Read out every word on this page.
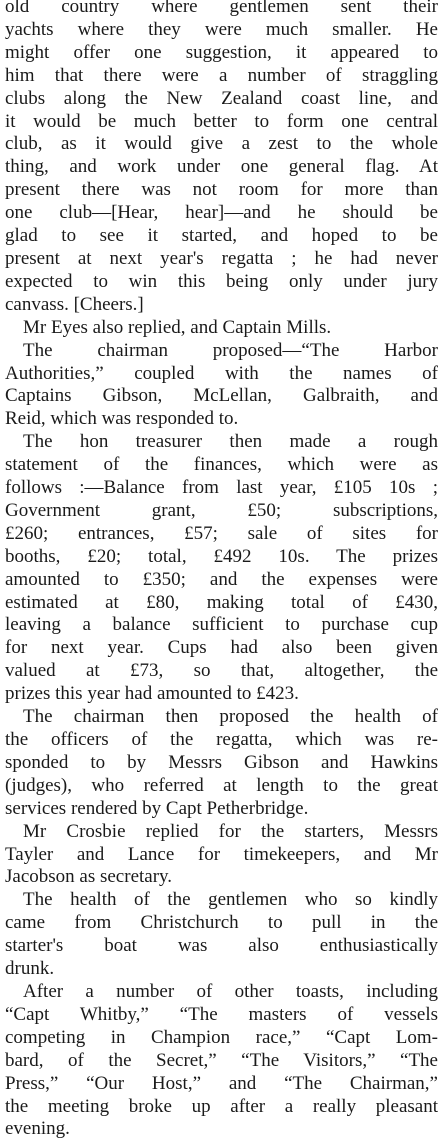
old country where gentlemen sent their
yachts where they were much smaller. He
might offer one suggestion, it appeared to
him that there were a number of straggling
clubs along the New Zealand coast line, and
it would be much better to form one central
club, as it would give a zest to the whole
thing, and work under one general flag. At
present there was not room for more than
one club—[Hear, hear]—and he should be
glad to see it started, and hoped to be
present at next year's regatta ; he had never
expected to win this being only under jury
canvass. [Cheers.]
Mr Eyes also replied, and Captain Mills.
The chairman proposed—“The Harbor
Authorities,” coupled with the names of
Captains Gibson, McLellan, Galbraith, and
Reid, which was responded to.
The hon treasurer then made a rough
statement of the finances, which were as
follows :—Balance from last year, £105 10s ;
Government grant, £50; subscriptions,
£260; entrances, £57; sale of sites for
booths, £20; total, £492 10s. The prizes
amounted to £350; and the expenses were
estimated at £80, making total of £430,
leaving a balance sufficient to purchase cup
for next year. Cups had also been given
valued at £73, so that, altogether, the
prizes this year had amounted to £423.
The chairman then proposed the health of
the officers of the regatta, which was re-
sponded to by Messrs Gibson and Hawkins
(judges), who referred at length to the great
services rendered by Capt Petherbridge.
Mr Crosbie replied for the starters, Messrs
Tayler and Lance for timekeepers, and Mr
Jacobson as secretary.
The health of the gentlemen who so kindly
came from Christchurch to pull in the
starter's boat was also enthusiastically
drunk.
After a number of other toasts, including
“Capt Whitby,” “The masters of vessels
competing in Champion race,” “Capt Lom-
bard, of the Secret,” “The Visitors,” “The
Press,” “Our Host,” and “The Chairman,”
the meeting broke up after a really pleasant
evening.
